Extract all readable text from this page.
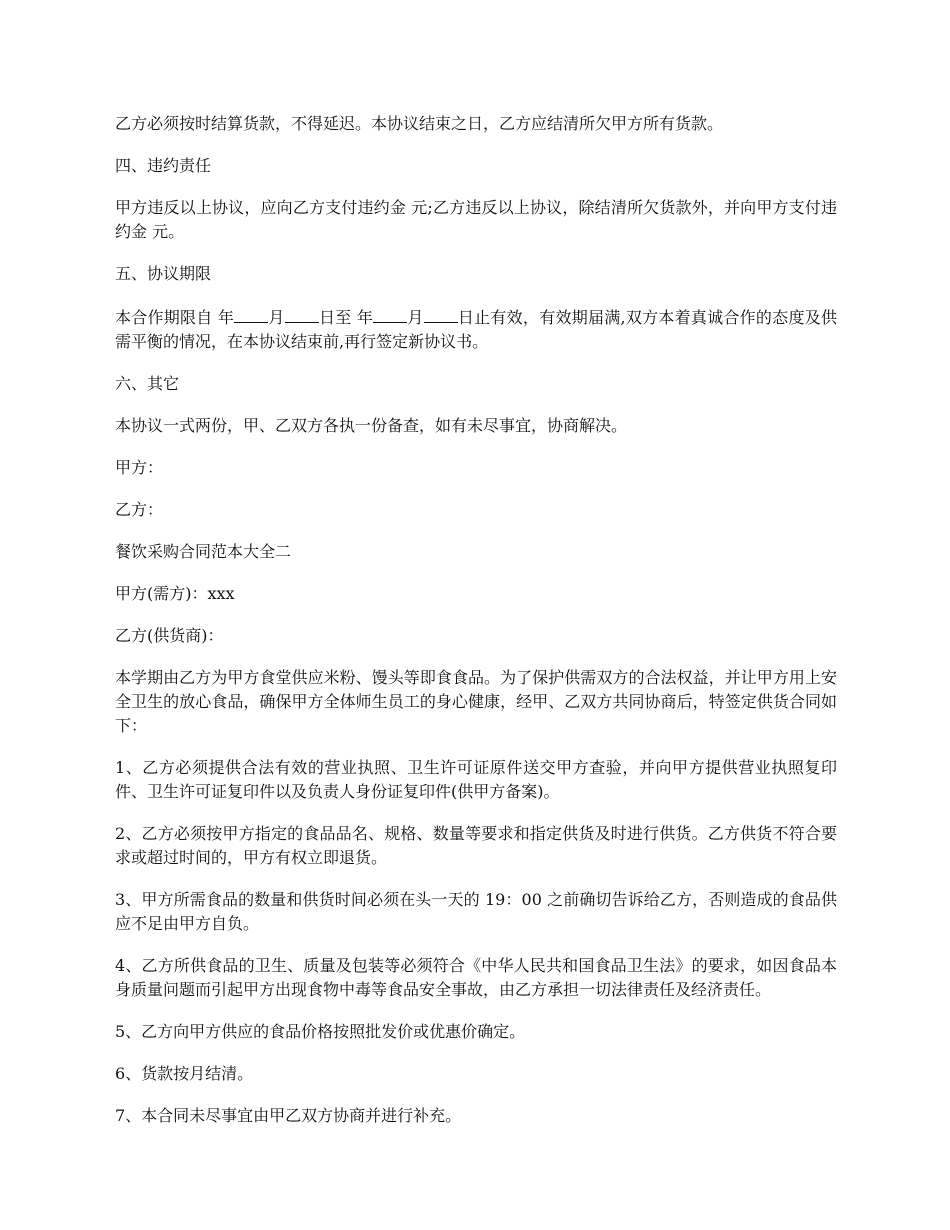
乙方必须按时结算货款，不得延迟。本协议结束之日，乙方应结清所欠甲方所有货款。

四、违约责任

甲方违反以上协议，应向乙方支付违约金 元;乙方违反以上协议，除结清所欠货款外，并向甲方支付违约金 元。

五、协议期限

本合作期限自 年 月 日至 年 月 日止有效，有效期届满,双方本着真诚合作的态度及供需平衡的情况，在本协议结束前,再行签定新协议书。

六、其它

本协议一式两份，甲、乙双方各执一份备查，如有未尽事宜，协商解决。

甲方：

乙方：

餐饮采购合同范本大全二

甲方(需方)：xxx

乙方(供货商)：

本学期由乙方为甲方食堂供应米粉、馒头等即食食品。为了保护供需双方的合法权益，并让甲方用上安全卫生的放心食品，确保甲方全体师生员工的身心健康，经甲、乙双方共同协商后，特签定供货合同如下：

1、乙方必须提供合法有效的营业执照、卫生许可证原件送交甲方查验，并向甲方提供营业执照复印件、卫生许可证复印件以及负责人身份证复印件(供甲方备案)。

2、乙方必须按甲方指定的食品品名、规格、数量等要求和指定供货及时进行供货。乙方供货不符合要求或超过时间的，甲方有权立即退货。

3、甲方所需食品的数量和供货时间必须在头一天的 19：00 之前确切告诉给乙方，否则造成的食品供应不足由甲方自负。

4、乙方所供食品的卫生、质量及包装等必须符合《中华人民共和国食品卫生法》的要求，如因食品本身质量问题而引起甲方出现食物中毒等食品安全事故，由乙方承担一切法律责任及经济责任。

5、乙方向甲方供应的食品价格按照批发价或优惠价确定。

6、货款按月结清。

7、本合同未尽事宜由甲乙双方协商并进行补充。
